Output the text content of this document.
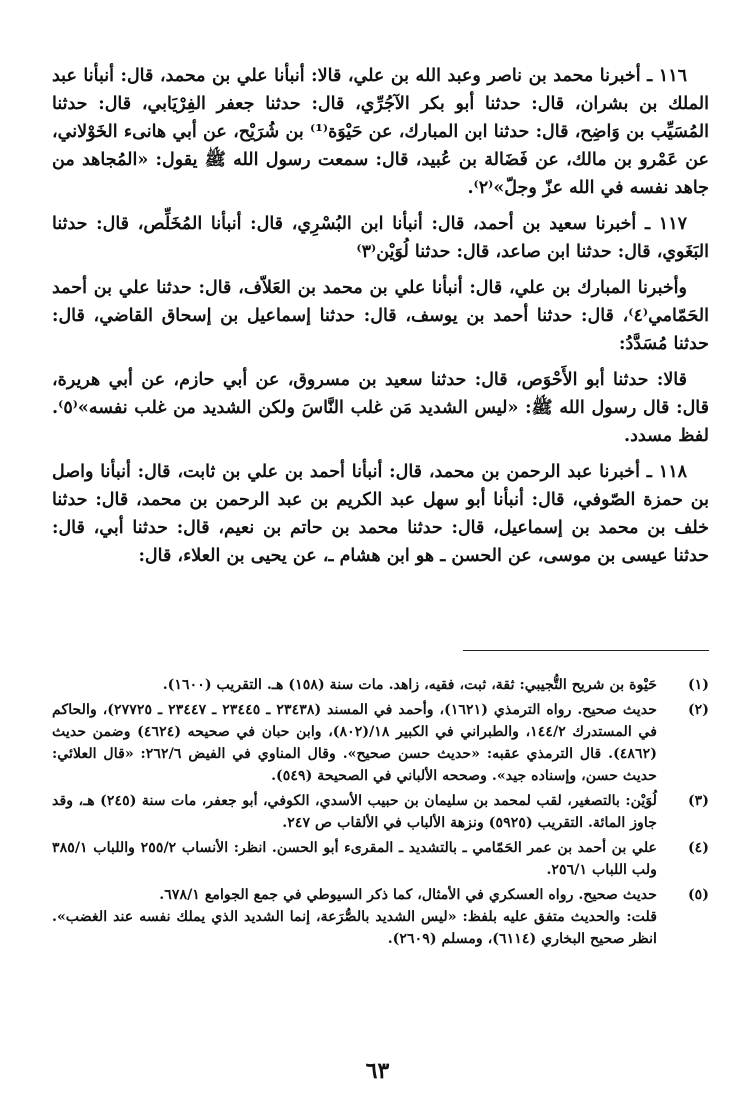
١١٦ ـ أخبرنا محمد بن ناصر وعبد الله بن علي، قالا: أنبأنا علي بن محمد، قال: أنبأنا عبد الملك بن بشران، قال: حدثنا أبو بكر الآجُرِّي، قال: حدثنا جعفر الفِرْيَابي، قال: حدثنا المُسَيِّب بن وَاضِح، قال: حدثنا ابن المبارك، عن حَيْوَة⁽¹⁾ بن شُرَيْح، عن أبي هانىء الخَوْلاني، عن عَمْرو بن مالك، عن فَضَالة بن عُبيد، قال: سمعت رسول الله ﷺ يقول: «المُجاهد من جاهد نفسه في الله عزّ وجلّ»⁽٢⁾.

١١٧ ـ أخبرنا سعيد بن أحمد، قال: أنبأنا ابن البُسْرِي، قال: أنبأنا المُخَلِّص، قال: حدثنا البَغَوي، قال: حدثنا ابن صاعد، قال: حدثنا لُوَيْن⁽٣⁾

وأخبرنا المبارك بن علي، قال: أنبأنا علي بن محمد بن العَلاّف، قال: حدثنا علي بن أحمد الحَمّامي⁽٤⁾، قال: حدثنا أحمد بن يوسف، قال: حدثنا إسماعيل بن إسحاق القاضي، قال: حدثنا مُسَدَّدُ:

قالا: حدثنا أبو الأَحْوَص، قال: حدثنا سعيد بن مسروق، عن أبي حازم، عن أبي هريرة، قال: قال رسول الله ﷺ: «ليس الشديد مَن غلب النَّاسَ ولكن الشديد من غلب نفسه»⁽٥⁾. لفظ مسدد.

١١٨ ـ أخبرنا عبد الرحمن بن محمد، قال: أنبأنا أحمد بن علي بن ثابت، قال: أنبأنا واصل بن حمزة الصّوفي، قال: أنبأنا أبو سهل عبد الكريم بن عبد الرحمن بن محمد، قال: حدثنا خلف بن محمد بن إسماعيل، قال: حدثنا محمد بن حاتم بن نعيم، قال: حدثنا أبي، قال: حدثنا عيسى بن موسى، عن الحسن ـ هو ابن هشام ـ، عن يحيى بن العلاء، قال:

(١)

حَيْوة بن شريح التُّجيبي: ثقة، ثبت، فقيه، زاهد. مات سنة (١٥٨) هـ. التقريب (١٦٠٠).

(٢)

حديث صحيح. رواه الترمذي (١٦٢١)، وأحمد في المسند (٢٣٤٣٨ ـ ٢٣٤٤٥ ـ ٢٣٤٤٧ ـ ٢٧٧٢٥)، والحاكم في المستدرك ١٤٤/٢، والطبراني في الكبير ١٨/(٨٠٢)، وابن حبان في صحيحه (٤٦٢٤) وضمن حديث (٤٨٦٢). قال الترمذي عقبه: «حديث حسن صحيح». وقال المناوي في الفيض ٢٦٢/٦: «قال العلائي: حديث حسن، وإسناده جيد». وصححه الألباني في الصحيحة (٥٤٩).

(٣)

لُوَيْن: بالتصغير، لقب لمحمد بن سليمان بن حبيب الأسدي، الكوفي، أبو جعفر، مات سنة (٢٤٥) هـ، وقد جاوز المائة. التقريب (٥٩٢٥) ونزهة الألباب في الألقاب ص ٢٤٧.

(٤)

علي بن أحمد بن عمر الحَمّامي ـ بالتشديد ـ المقرىء أبو الحسن. انظر: الأنساب ٢٥٥/٢ واللباب ٣٨٥/١ ولب اللباب ٢٥٦/١.

(٥)

حديث صحيح. رواه العسكري في الأمثال، كما ذكر السيوطي في جمع الجوامع ٦٧٨/١.

قلت: والحديث متفق عليه بلفظ: «ليس الشديد بالصُّرَعة، إنما الشديد الذي يملك نفسه عند الغضب». انظر صحيح البخاري (٦١١٤)، ومسلم (٢٦٠٩).

٦٣
